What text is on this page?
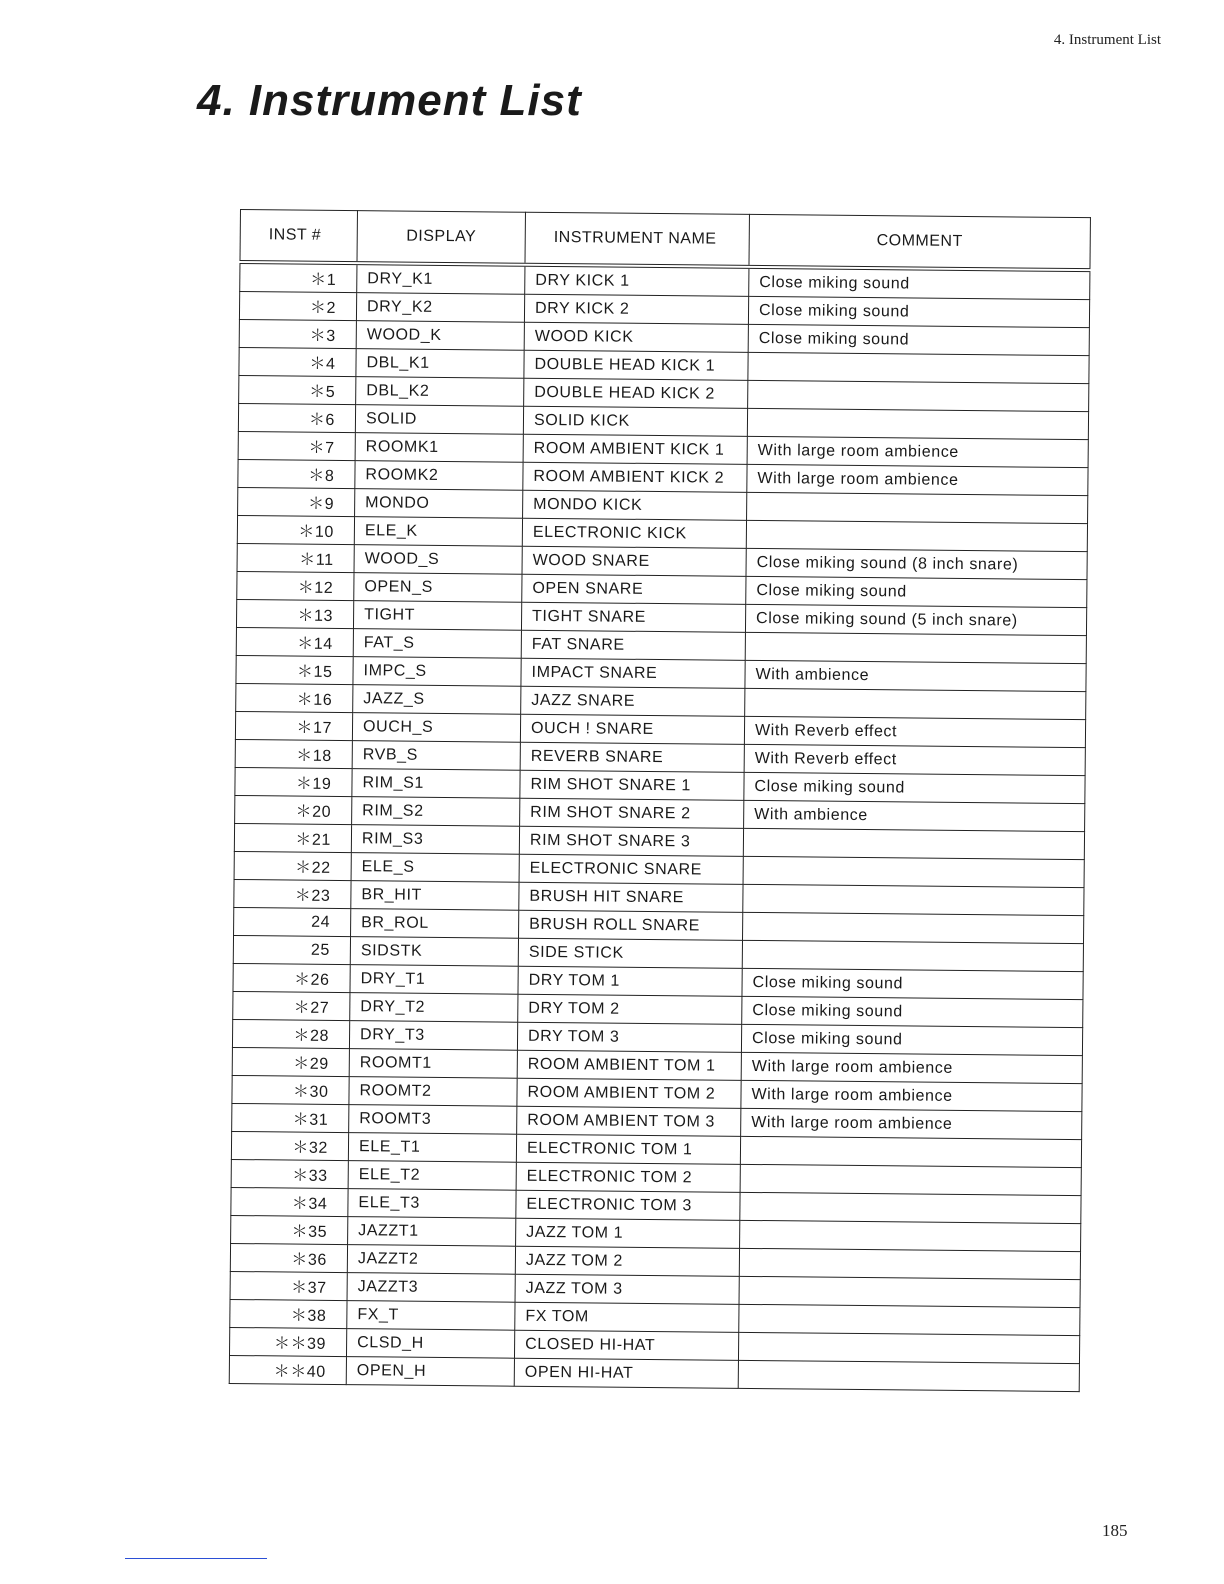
4. Instrument List
4. Instrument List
INST #	DISPLAY	INSTRUMENT NAME	COMMENT
＊1	DRY_K1	DRY KICK 1	Close miking sound
＊2	DRY_K2	DRY KICK 2	Close miking sound
＊3	WOOD_K	WOOD KICK	Close miking sound
＊4	DBL_K1	DOUBLE HEAD KICK 1	
＊5	DBL_K2	DOUBLE HEAD KICK 2	
＊6	SOLID	SOLID KICK	
＊7	ROOMK1	ROOM AMBIENT KICK 1	With large room ambience
＊8	ROOMK2	ROOM AMBIENT KICK 2	With large room ambience
＊9	MONDO	MONDO KICK	
＊10	ELE_K	ELECTRONIC KICK	
＊11	WOOD_S	WOOD SNARE	Close miking sound (8 inch snare)
＊12	OPEN_S	OPEN SNARE	Close miking sound
＊13	TIGHT	TIGHT SNARE	Close miking sound (5 inch snare)
＊14	FAT_S	FAT SNARE	
＊15	IMPC_S	IMPACT SNARE	With ambience
＊16	JAZZ_S	JAZZ SNARE	
＊17	OUCH_S	OUCH ! SNARE	With Reverb effect
＊18	RVB_S	REVERB SNARE	With Reverb effect
＊19	RIM_S1	RIM SHOT SNARE 1	Close miking sound
＊20	RIM_S2	RIM SHOT SNARE 2	With ambience
＊21	RIM_S3	RIM SHOT SNARE 3	
＊22	ELE_S	ELECTRONIC SNARE	
＊23	BR_HIT	BRUSH HIT SNARE	
24	BR_ROL	BRUSH ROLL SNARE	
25	SIDSTK	SIDE STICK	
＊26	DRY_T1	DRY TOM 1	Close miking sound
＊27	DRY_T2	DRY TOM 2	Close miking sound
＊28	DRY_T3	DRY TOM 3	Close miking sound
＊29	ROOMT1	ROOM AMBIENT TOM 1	With large room ambience
＊30	ROOMT2	ROOM AMBIENT TOM 2	With large room ambience
＊31	ROOMT3	ROOM AMBIENT TOM 3	With large room ambience
＊32	ELE_T1	ELECTRONIC TOM 1	
＊33	ELE_T2	ELECTRONIC TOM 2	
＊34	ELE_T3	ELECTRONIC TOM 3	
＊35	JAZZT1	JAZZ TOM 1	
＊36	JAZZT2	JAZZ TOM 2	
＊37	JAZZT3	JAZZ TOM 3	
＊38	FX_T	FX TOM	
＊＊39	CLSD_H	CLOSED HI-HAT	
＊＊40	OPEN_H	OPEN HI-HAT	
185
